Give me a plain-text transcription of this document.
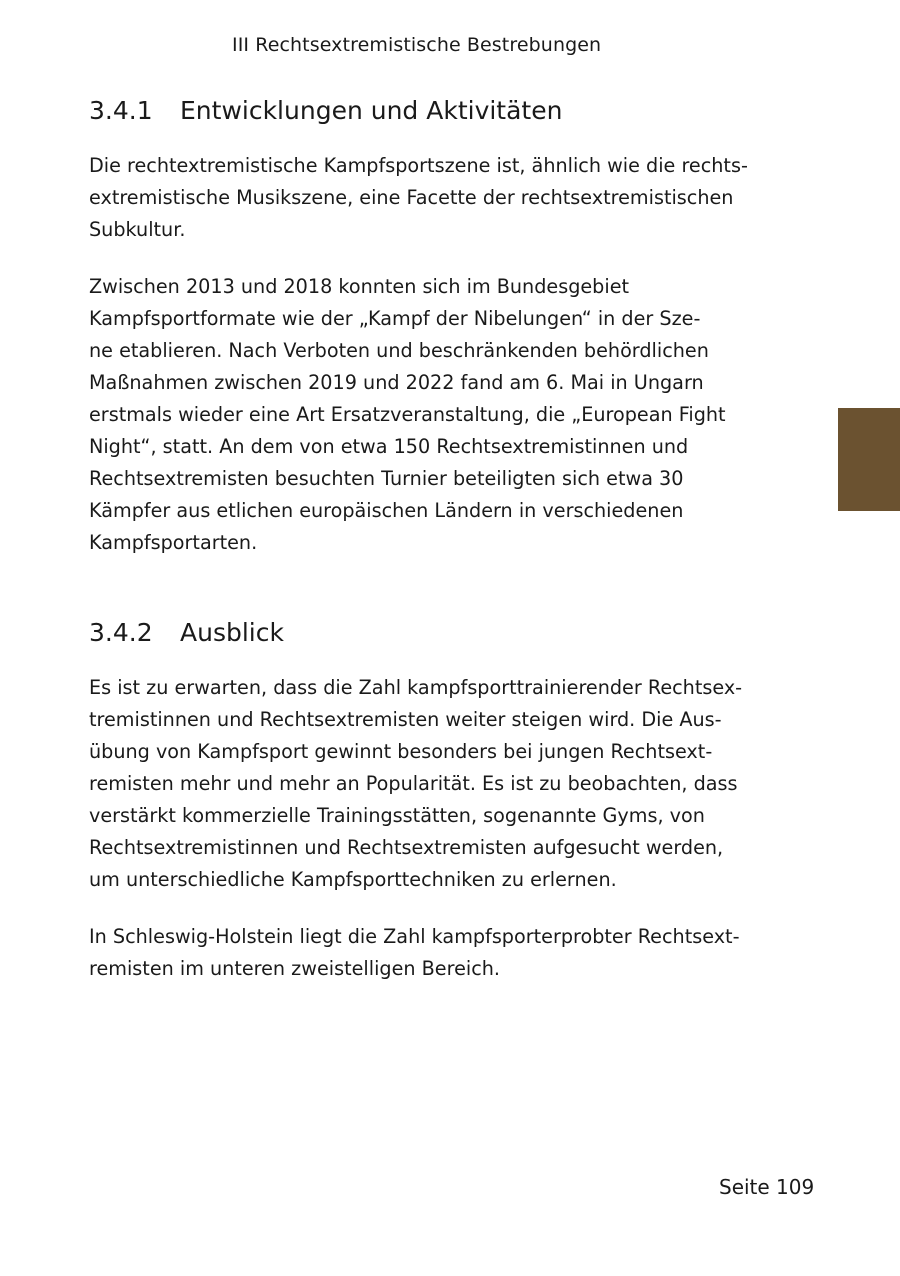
III Rechtsextremistische Bestrebungen
3.4.1 Entwicklungen und Aktivitäten

Die rechtextremistische Kampfsportszene ist, ähnlich wie die rechts-
extremistische Musikszene, eine Facette der rechtsextremistischen
Subkultur.

Zwischen 2013 und 2018 konnten sich im Bundesgebiet
Kampfsportformate wie der „Kampf der Nibelungen“ in der Sze-
ne etablieren. Nach Verboten und beschränkenden behördlichen
Maßnahmen zwischen 2019 und 2022 fand am 6. Mai in Ungarn
erstmals wieder eine Art Ersatzveranstaltung, die „European Fight
Night“, statt. An dem von etwa 150 Rechtsextremistinnen und
Rechtsextremisten besuchten Turnier beteiligten sich etwa 30
Kämpfer aus etlichen europäischen Ländern in verschiedenen
Kampfsportarten.

3.4.2 Ausblick

Es ist zu erwarten, dass die Zahl kampfsporttrainierender Rechtsex-
tremistinnen und Rechtsextremisten weiter steigen wird. Die Aus-
übung von Kampfsport gewinnt besonders bei jungen Rechtsext-
remisten mehr und mehr an Popularität. Es ist zu beobachten, dass
verstärkt kommerzielle Trainingsstätten, sogenannte Gyms, von
Rechtsextremistinnen und Rechtsextremisten aufgesucht werden,
um unterschiedliche Kampfsporttechniken zu erlernen.

In Schleswig-Holstein liegt die Zahl kampfsporterprobter Rechtsext-
remisten im unteren zweistelligen Bereich.

Seite 109
